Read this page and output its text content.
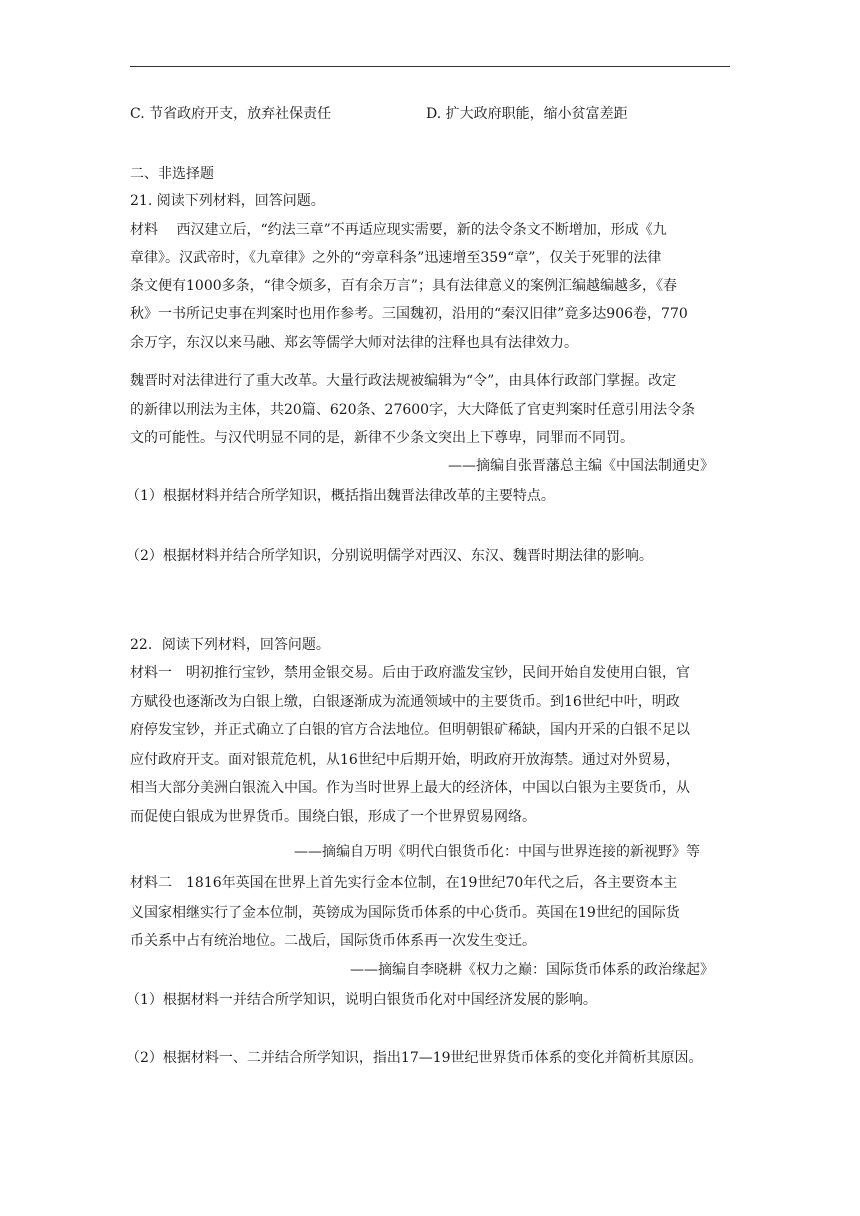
C. 节省政府开支，放弃社保责任	D. 扩大政府职能，缩小贫富差距
二、非选择题
21. 阅读下列材料，回答问题。
材料　 西汉建立后，“约法三章”不再适应现实需要，新的法令条文不断增加，形成《九
章律》。汉武帝时，《九章律》之外的“旁章科条”迅速增至359“章”，仅关于死罪的法律
条文便有1000多条，“律令烦多，百有余万言”；具有法律意义的案例汇编越编越多，《春
秋》一书所记史事在判案时也用作参考。三国魏初，沿用的“秦汉旧律”竟多达906卷，770
余万字，东汉以来马融、郑玄等儒学大师对法律的注释也具有法律效力。
魏晋时对法律进行了重大改革。大量行政法规被编辑为“令”，由具体行政部门掌握。改定
的新律以刑法为主体，共20篇、620条、27600字，大大降低了官吏判案时任意引用法令条
文的可能性。与汉代明显不同的是，新律不少条文突出上下尊卑，同罪而不同罚。
——摘编自张晋藩总主编《中国法制通史》
（1）根据材料并结合所学知识，概括指出魏晋法律改革的主要特点。
（2）根据材料并结合所学知识，分别说明儒学对西汉、东汉、魏晋时期法律的影响。
22．阅读下列材料，回答问题。
材料一　明初推行宝钞，禁用金银交易。后由于政府滥发宝钞，民间开始自发使用白银，官
方赋役也逐渐改为白银上缴，白银逐渐成为流通领域中的主要货币。到16世纪中叶，明政
府停发宝钞，并正式确立了白银的官方合法地位。但明朝银矿稀缺，国内开采的白银不足以
应付政府开支。面对银荒危机，从16世纪中后期开始，明政府开放海禁。通过对外贸易，
相当大部分美洲白银流入中国。作为当时世界上最大的经济体，中国以白银为主要货币，从
而促使白银成为世界货币。围绕白银，形成了一个世界贸易网络。
——摘编自万明《明代白银货币化：中国与世界连接的新视野》等
材料二　1816年英国在世界上首先实行金本位制，在19世纪70年代之后，各主要资本主
义国家相继实行了金本位制，英镑成为国际货币体系的中心货币。英国在19世纪的国际货
币关系中占有统治地位。二战后，国际货币体系再一次发生变迁。
——摘编自李晓耕《权力之巅：国际货币体系的政治缘起》
（1）根据材料一并结合所学知识，说明白银货币化对中国经济发展的影响。
（2）根据材料一、二并结合所学知识，指出17—19世纪世界货币体系的变化并简析其原因。
